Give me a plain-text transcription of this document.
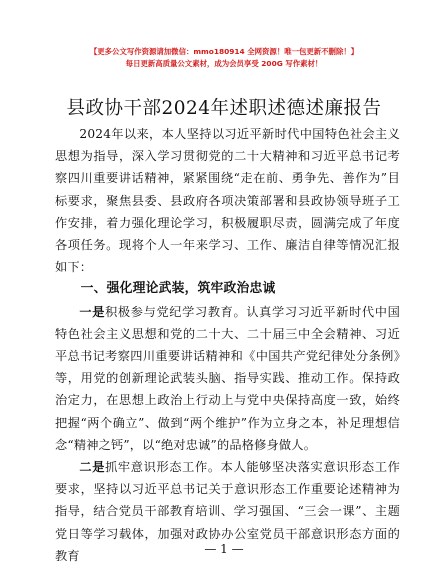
【更多公文写作资源请加微信：mmo180914 全网资源！唯一包更新不删除！】
每日更新高质量公文素材，成为会员享受 200G 写作素材！
县政协干部2024年述职述德述廉报告

2024年以来，本人坚持以习近平新时代中国特色社会主义思想为指导，深入学习贯彻党的二十大精神和习近平总书记考察四川重要讲话精神，紧紧围绕“走在前、勇争先、善作为”目标要求，聚焦县委、县政府各项决策部署和县政协领导班子工作安排，着力强化理论学习，积极履职尽责，圆满完成了年度各项任务。现将个人一年来学习、工作、廉洁自律等情况汇报如下：

一、强化理论武装，筑牢政治忠诚

一是积极参与党纪学习教育。认真学习习近平新时代中国特色社会主义思想和党的二十大、二十届三中全会精神、习近平总书记考察四川重要讲话精神和《中国共产党纪律处分条例》等，用党的创新理论武装头脑、指导实践、推动工作。保持政治定力，在思想上政治上行动上与党中央保持高度一致，始终把握“两个确立”、做到“两个维护”作为立身之本，补足理想信念“精神之钙”，以“绝对忠诚”的品格修身做人。

二是抓牢意识形态工作。本人能够坚决落实意识形态工作要求，坚持以习近平总书记关于意识形态工作重要论述精神为指导，结合党员干部教育培训、学习强国、“三会一课”、主题党日等学习载体，加强对政协办公室党员干部意识形态方面的教育	— 1 —
